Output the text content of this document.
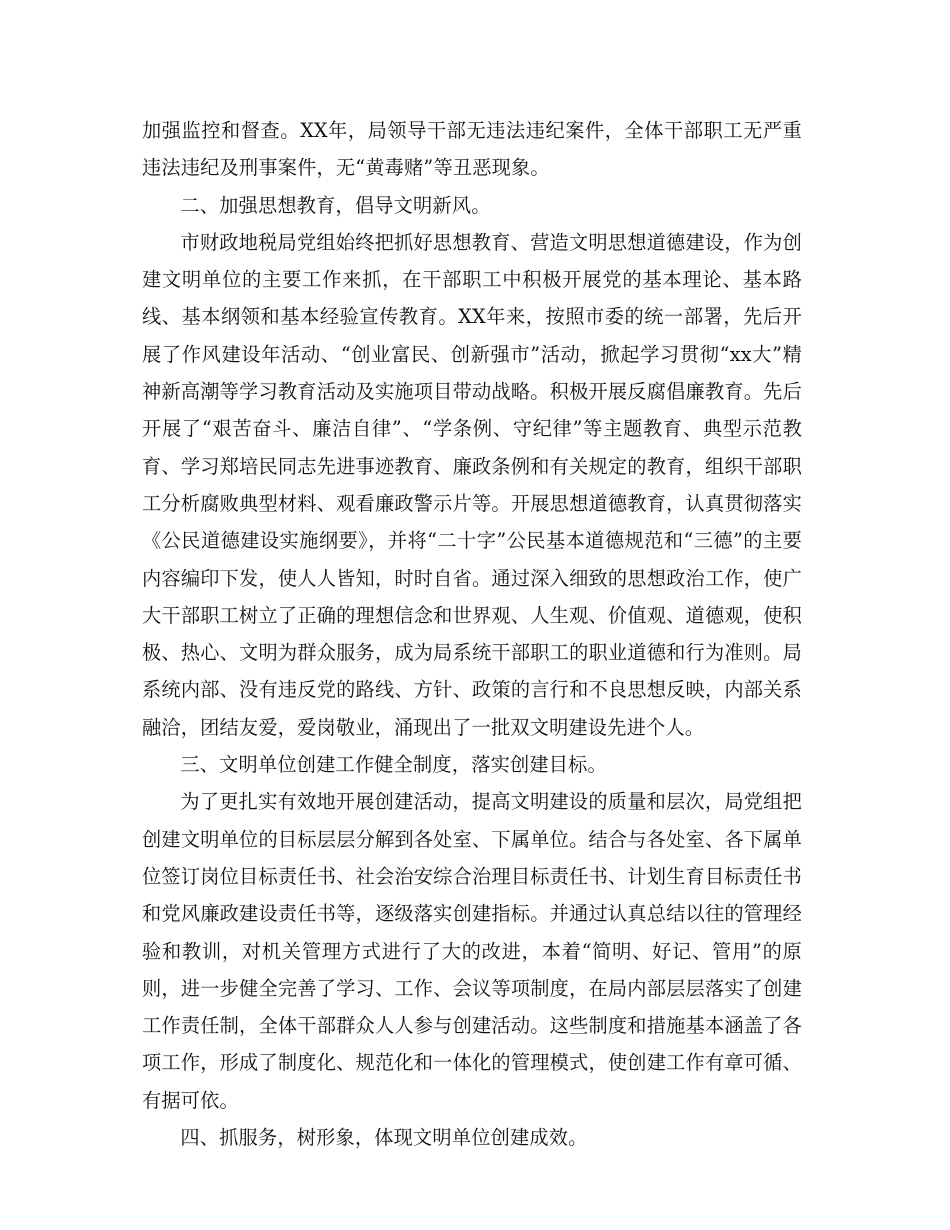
加强监控和督查。XX年，局领导干部无违法违纪案件，全体干部职工无严重违法违纪及刑事案件，无“黄毒赌”等丑恶现象。

二、加强思想教育，倡导文明新风。

市财政地税局党组始终把抓好思想教育、营造文明思想道德建设，作为创建文明单位的主要工作来抓，在干部职工中积极开展党的基本理论、基本路线、基本纲领和基本经验宣传教育。XX年来，按照市委的统一部署，先后开展了作风建设年活动、“创业富民、创新强市”活动，掀起学习贯彻“xx大”精神新高潮等学习教育活动及实施项目带动战略。积极开展反腐倡廉教育。先后开展了“艰苦奋斗、廉洁自律”、“学条例、守纪律”等主题教育、典型示范教育、学习郑培民同志先进事迹教育、廉政条例和有关规定的教育，组织干部职工分析腐败典型材料、观看廉政警示片等。开展思想道德教育，认真贯彻落实《公民道德建设实施纲要》，并将“二十字”公民基本道德规范和“三德”的主要内容编印下发，使人人皆知，时时自省。通过深入细致的思想政治工作，使广大干部职工树立了正确的理想信念和世界观、人生观、价值观、道德观，使积极、热心、文明为群众服务，成为局系统干部职工的职业道德和行为准则。局系统内部、没有违反党的路线、方针、政策的言行和不良思想反映，内部关系融洽，团结友爱，爱岗敬业，涌现出了一批双文明建设先进个人。

三、文明单位创建工作健全制度，落实创建目标。

为了更扎实有效地开展创建活动，提高文明建设的质量和层次，局党组把创建文明单位的目标层层分解到各处室、下属单位。结合与各处室、各下属单位签订岗位目标责任书、社会治安综合治理目标责任书、计划生育目标责任书和党风廉政建设责任书等，逐级落实创建指标。并通过认真总结以往的管理经验和教训，对机关管理方式进行了大的改进，本着“简明、好记、管用”的原则，进一步健全完善了学习、工作、会议等项制度，在局内部层层落实了创建工作责任制，全体干部群众人人参与创建活动。这些制度和措施基本涵盖了各项工作，形成了制度化、规范化和一体化的管理模式，使创建工作有章可循、有据可依。

四、抓服务，树形象，体现文明单位创建成效。
